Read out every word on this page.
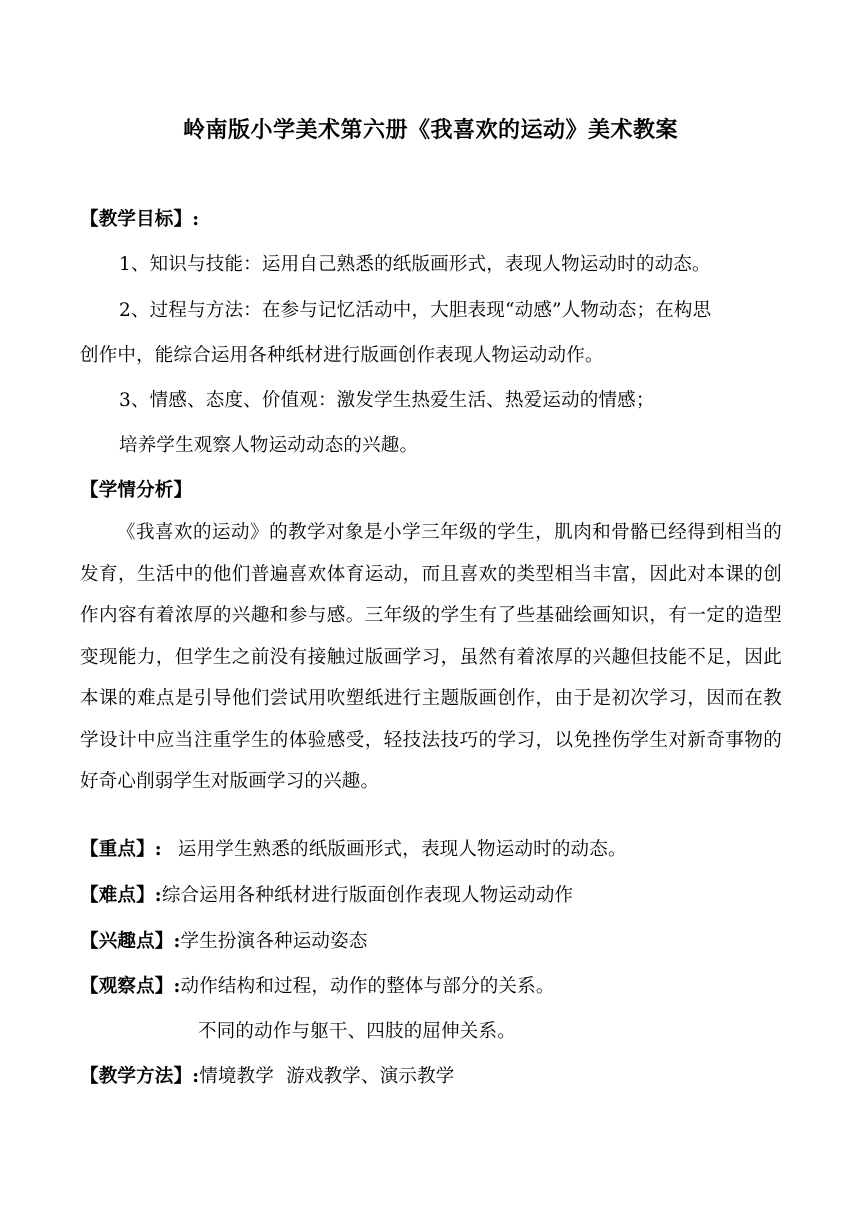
岭南版小学美术第六册《我喜欢的运动》美术教案
【教学目标】:
1、知识与技能：运用自己熟悉的纸版画形式，表现人物运动时的动态。
2、过程与方法：在参与记忆活动中，大胆表现“动感”人物动态；在构思
创作中，能综合运用各种纸材进行版画创作表现人物运动动作。
3、情感、态度、价值观：激发学生热爱生活、热爱运动的情感；
培养学生观察人物运动动态的兴趣。
【学情分析】
《我喜欢的运动》的教学对象是小学三年级的学生，肌肉和骨骼已经得到相当的发育，生活中的他们普遍喜欢体育运动，而且喜欢的类型相当丰富，因此对本课的创作内容有着浓厚的兴趣和参与感。三年级的学生有了些基础绘画知识，有一定的造型变现能力，但学生之前没有接触过版画学习，虽然有着浓厚的兴趣但技能不足，因此本课的难点是引导他们尝试用吹塑纸进行主题版画创作，由于是初次学习，因而在教学设计中应当注重学生的体验感受，轻技法技巧的学习，以免挫伤学生对新奇事物的好奇心削弱学生对版画学习的兴趣。
【重点】: 运用学生熟悉的纸版画形式，表现人物运动时的动态。
【难点】:综合运用各种纸材进行版面创作表现人物运动动作
【兴趣点】:学生扮演各种运动姿态
【观察点】:动作结构和过程，动作的整体与部分的关系。
不同的动作与躯干、四肢的屈伸关系。
【教学方法】:情境教学  游戏教学、演示教学
